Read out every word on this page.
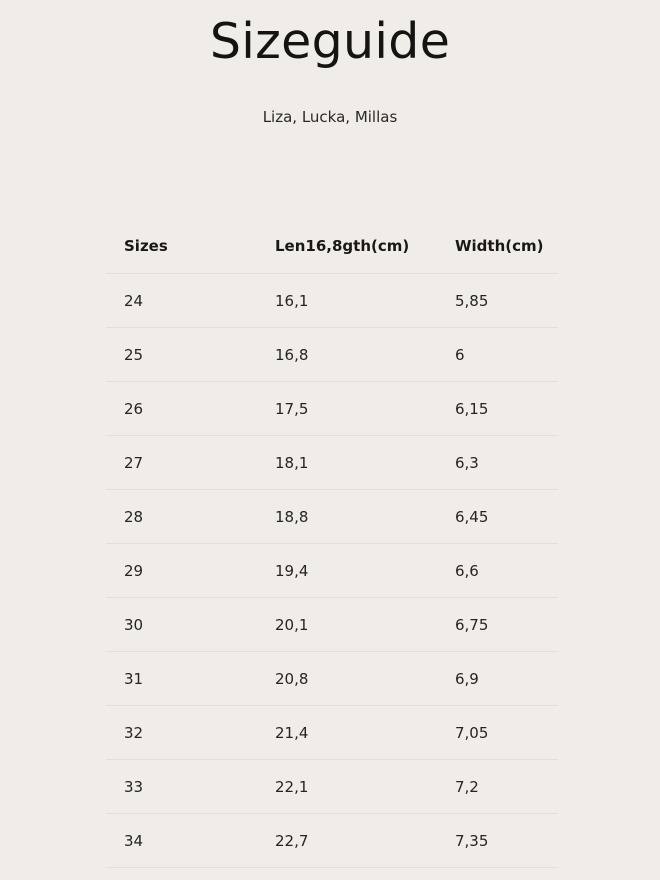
Sizeguide
Liza, Lucka, Millas
Sizes	Len16,8gth(cm)	Width(cm)
24	16,1	5,85
25	16,8	6
26	17,5	6,15
27	18,1	6,3
28	18,8	6,45
29	19,4	6,6
30	20,1	6,75
31	20,8	6,9
32	21,4	7,05
33	22,1	7,2
34	22,7	7,35
